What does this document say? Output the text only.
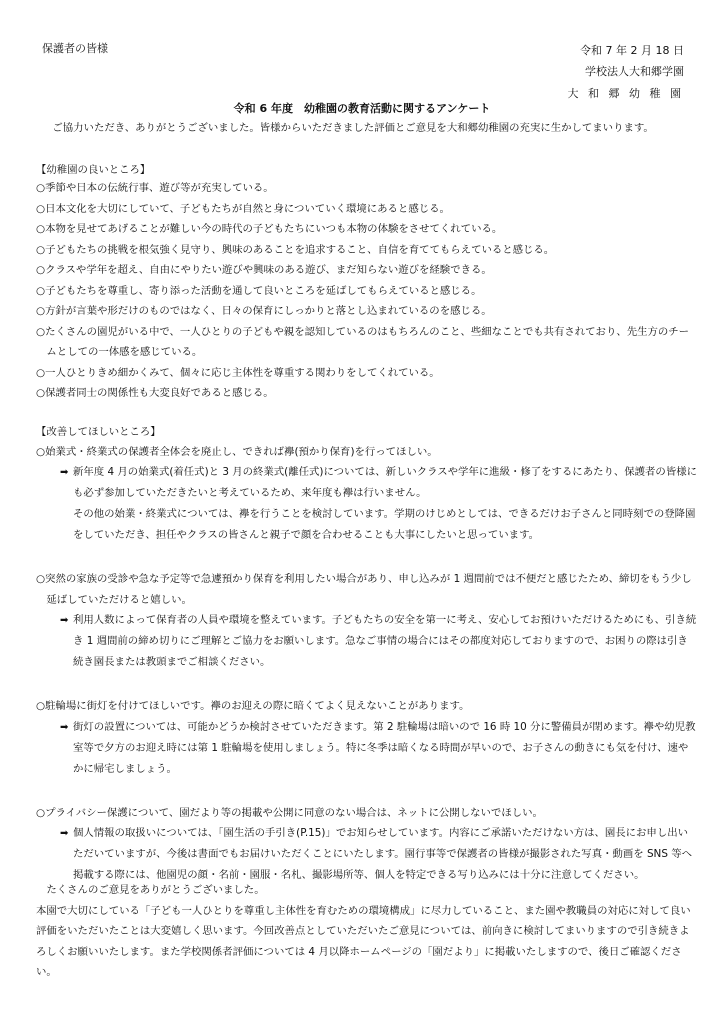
保護者の皆様	令和 7 年 2 月 18 日
学校法人大和郷学園
大 和 郷 幼 稚 園
令和 6 年度　幼稚園の教育活動に関するアンケート
ご協力いただき、ありがとうございました。皆様からいただきました評価とご意見を大和郷幼稚園の充実に生かしてまいります。
【幼稚園の良いところ】
○季節や日本の伝統行事、遊び等が充実している。
○日本文化を大切にしていて、子どもたちが自然と身についていく環境にあると感じる。
○本物を見せてあげることが難しい今の時代の子どもたちにいつも本物の体験をさせてくれている。
○子どもたちの挑戦を根気強く見守り、興味のあることを追求すること、自信を育ててもらえていると感じる。
○クラスや学年を超え、自由にやりたい遊びや興味のある遊び、まだ知らない遊びを経験できる。
○子どもたちを尊重し、寄り添った活動を通して良いところを延ばしてもらえていると感じる。
○方針が言葉や形だけのものではなく、日々の保育にしっかりと落とし込まれているのを感じる。
○たくさんの園児がいる中で、一人ひとりの子どもや親を認知しているのはもちろんのこと、些細なことでも共有されており、先生方のチームとしての一体感を感じている。
○一人ひとりきめ細かくみて、個々に応じ主体性を尊重する関わりをしてくれている。
○保護者同士の関係性も大変良好であると感じる。
【改善してほしいところ】
○始業式・終業式の保護者全体会を廃止し、できれば襷(預かり保育)を行ってほしい。
➡ 新年度 4 月の始業式(着任式)と 3 月の終業式(離任式)については、新しいクラスや学年に進級・修了をするにあたり、保護者の皆様にも必ず参加していただきたいと考えているため、来年度も襷は行いません。
その他の始業・終業式については、襷を行うことを検討しています。学期のけじめとしては、できるだけお子さんと同時刻での登降園をしていただき、担任やクラスの皆さんと親子で顔を合わせることも大事にしたいと思っています。
○突然の家族の受診や急な予定等で急遽預かり保育を利用したい場合があり、申し込みが 1 週間前では不便だと感じたため、締切をもう少し延ばしていただけると嬉しい。
➡ 利用人数によって保育者の人員や環境を整えています。子どもたちの安全を第一に考え、安心してお預けいただけるためにも、引き続き 1 週間前の締め切りにご理解とご協力をお願いします。急なご事情の場合にはその都度対応しておりますので、お困りの際は引き続き園長または教頭までご相談ください。
○駐輪場に街灯を付けてほしいです。襷のお迎えの際に暗くてよく見えないことがあります。
➡ 街灯の設置については、可能かどうか検討させていただきます。第 2 駐輪場は暗いので 16 時 10 分に警備員が閉めます。襷や幼児教室等で夕方のお迎え時には第 1 駐輪場を使用しましょう。特に冬季は暗くなる時間が早いので、お子さんの動きにも気を付け、速やかに帰宅しましょう。
○プライバシー保護について、園だより等の掲載や公開に同意のない場合は、ネットに公開しないでほしい。
➡ 個人情報の取扱いについては、「園生活の手引き(P.15)」でお知らせしています。内容にご承諾いただけない方は、園長にお申し出いただいていますが、今後は書面でもお届けいただくことにいたします。園行事等で保護者の皆様が撮影された写真・動画を SNS 等へ掲載する際には、他園児の顔・名前・園服・名札、撮影場所等、個人を特定できる写り込みには十分に注意してください。
たくさんのご意見をありがとうございました。
本園で大切にしている「子ども一人ひとりを尊重し主体性を育むための環境構成」に尽力していること、また園や教職員の対応に対して良い評価をいただいたことは大変嬉しく思います。今回改善点としていただいたご意見については、前向きに検討してまいりますので引き続きよろしくお願いいたします。また学校関係者評価については 4 月以降ホームページの「園だより」に掲載いたしますので、後日ご確認ください。
